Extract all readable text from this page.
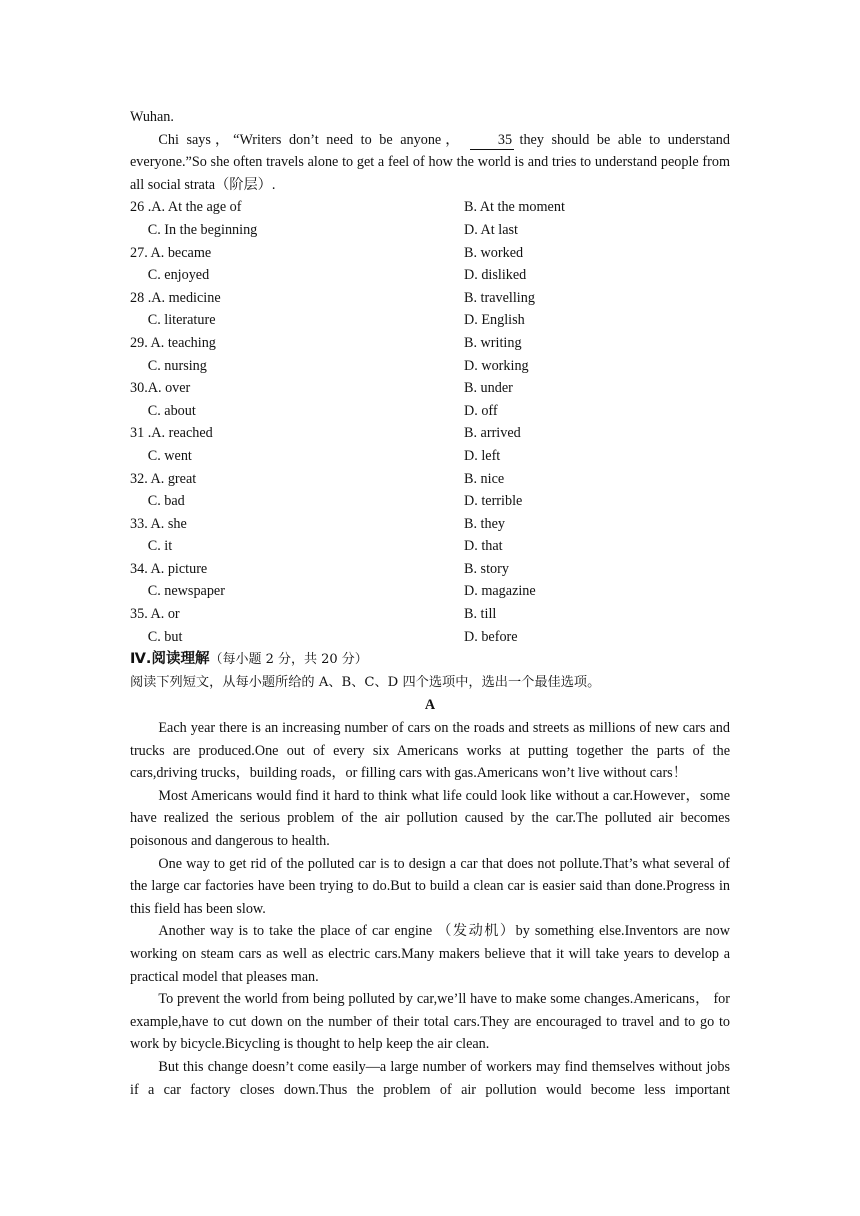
Wuhan.
Chi says，“Writers don’t need to be anyone， 35 they should be able to understand everyone.”So she often travels alone to get a feel of how the world is and tries to understand people from all social strata（阶层）.
26 .A. At the age of	B. At the moment
C. In the beginning	D. At last
27. A. became	B. worked
C. enjoyed	D. disliked
28 .A. medicine	B. travelling
C. literature	D. English
29. A. teaching	B. writing
C. nursing	D. working
30.A. over	B. under
C. about	D. off
31 .A. reached	B. arrived
C. went	D. left
32. A. great	B. nice
C. bad	D. terrible
33. A. she	B. they
C. it	D. that
34. A. picture	B. story
C. newspaper	D. magazine
35. A. or	B. till
C. but	D. before
Ⅳ.阅读理解（每小题 2 分，共 20 分）
阅读下列短文，从每小题所给的 A、B、C、D 四个选项中，选出一个最佳选项。
A
Each year there is an increasing number of cars on the roads and streets as millions of new cars and trucks are produced.One out of every six Americans works at putting together the parts of the cars,driving trucks，building roads，or filling cars with gas.Americans won’t live without cars！
Most Americans would find it hard to think what life could look like without a car.However，some have realized the serious problem of the air pollution caused by the car.The polluted air becomes poisonous and dangerous to health.
One way to get rid of the polluted car is to design a car that does not pollute.That’s what several of the large car factories have been trying to do.But to build a clean car is easier said than done.Progress in this field has been slow.
Another way is to take the place of car engine （发动机）by something else.Inventors are now working on steam cars as well as electric cars.Many makers believe that it will take years to develop a practical model that pleases man.
To prevent the world from being polluted by car,we’ll have to make some changes.Americans， for example,have to cut down on the number of their total cars.They are encouraged to travel and to go to work by bicycle.Bicycling is thought to help keep the air clean.
But this change doesn’t come easily—a large number of workers may find themselves without jobs if a car factory closes down.Thus the problem of air pollution would become less important
